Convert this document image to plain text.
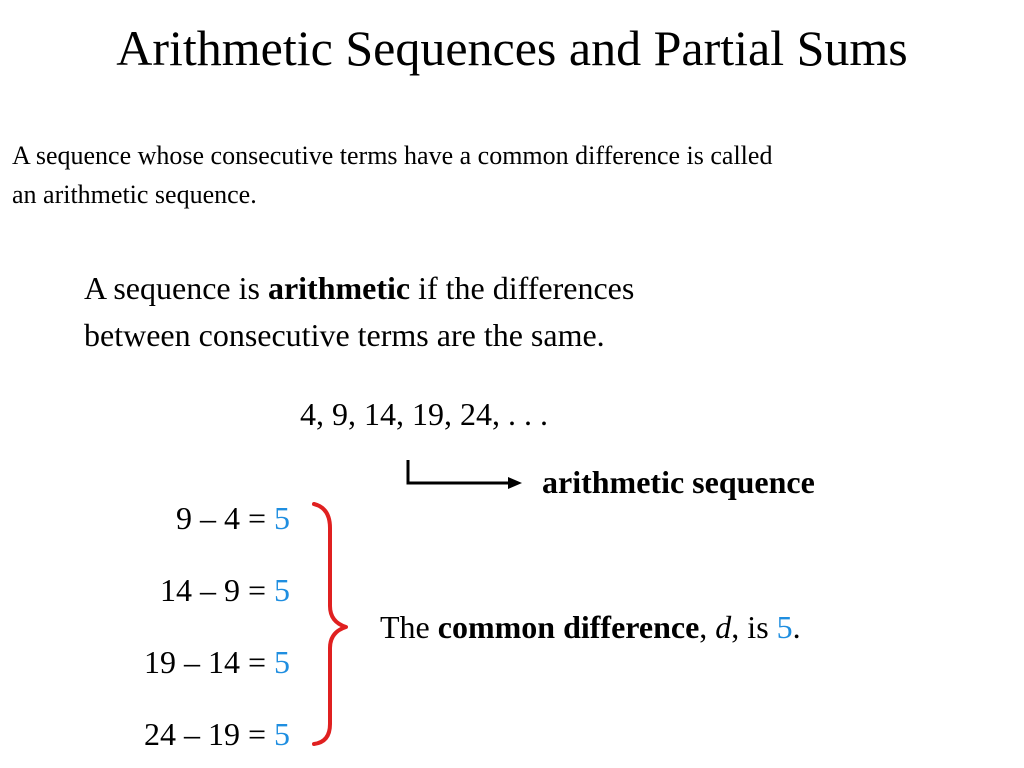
Arithmetic Sequences and Partial Sums
A sequence whose consecutive terms have a common difference is called
an arithmetic sequence.
A sequence is arithmetic if the differences
between consecutive terms are the same.
4, 9, 14, 19, 24, . . .
arithmetic sequence
9 – 4 = 5
14 – 9 = 5
19 – 14 = 5
24 – 19 = 5
The common difference, d, is 5.
